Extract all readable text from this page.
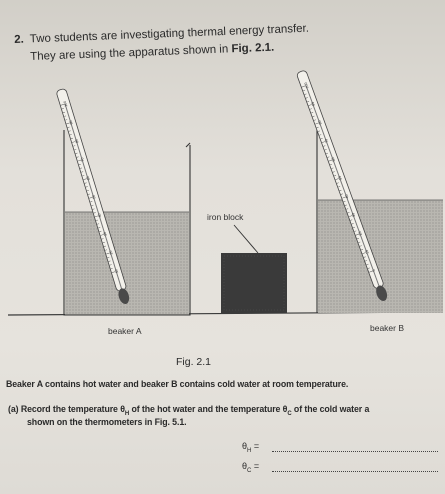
2. Two students are investigating thermal energy transfer.
They are using the apparatus shown in Fig. 2.1.
10
20
30
40
50
60
70
80
90
100
0
10
20
30
40
50
60
70
80
90
100
iron block
beaker A	beaker B
Fig. 2.1
Beaker A contains hot water and beaker B contains cold water at room temperature.
(a) Record the temperature $\theta_H$ of the hot water and the temperature $\theta_C$ of the cold water a
shown on the thermometers in Fig. 5.1.
$\theta_H$ =
$\theta_C$ =
